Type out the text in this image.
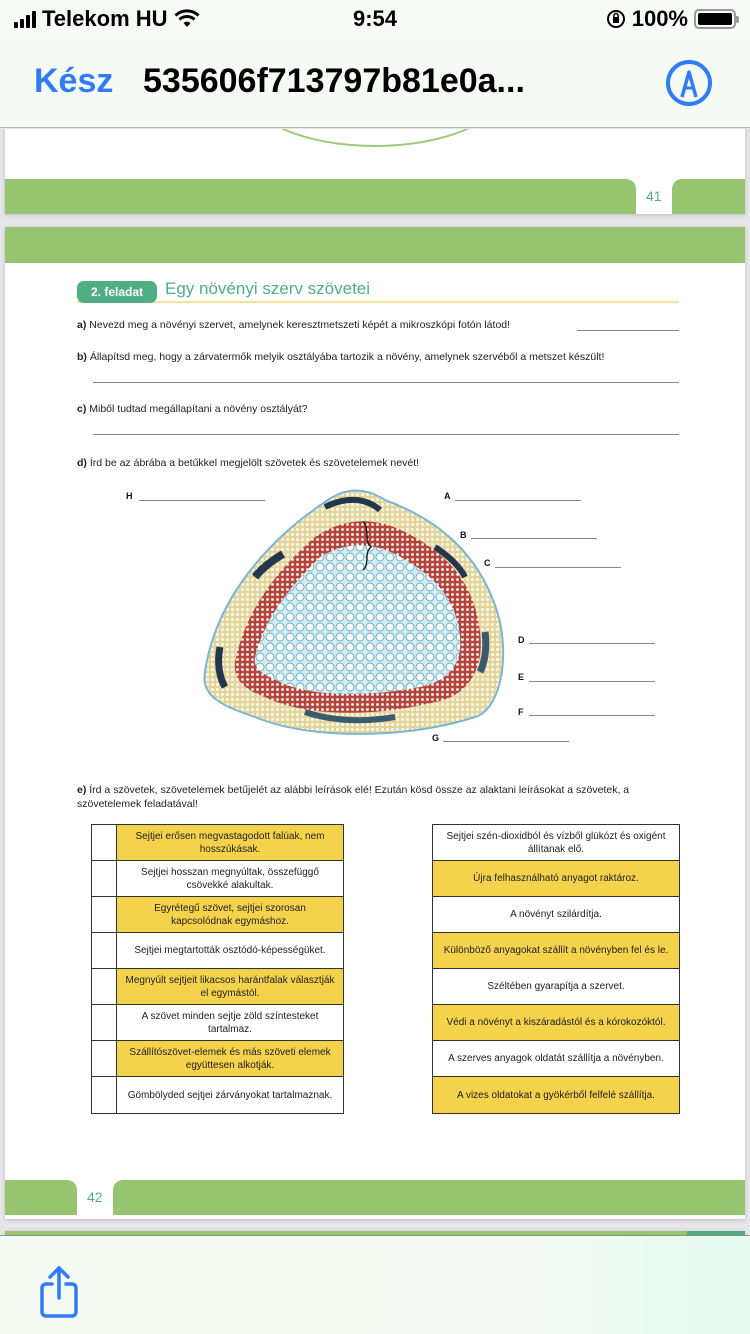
Telekom HU	9:54	100%
Kész 535606f713797b81e0a...
41
2. feladat	Egy növényi szerv szövetei
a) Nevezd meg a növényi szervet, amelynek keresztmetszeti képét a mikroszkópi fotón látod!
b) Állapítsd meg, hogy a zárvatermők melyik osztályába tartozik a növény, amelynek szervéből a metszet készült!
c) Miből tudtad megállapítani a növény osztályát?
d) Írd be az ábrába a betűkkel megjelölt szövetek és szövetelemek nevét!
H	A
B
C
D
E
F
G
e) Írd a szövetek, szövetelemek betűjelét az alábbi leírások elé! Ezután kösd össze az alaktani leírásokat a szövetek, a szövetelemek feladatával!
Sejtjei erősen megvastagodott falúak, nem hosszúkásak.
Sejtjei hosszan megnyúltak, összefüggő csövekké alakultak.
Egyrétegű szövet, sejtjei szorosan kapcsolódnak egymáshoz.
Sejtjei megtartották osztódó-képességüket.
Megnyúlt sejtjeit likacsos harántfalak választják el egymástól.
A szövet minden sejtje zöld színtesteket tartalmaz.
Szállítószövet-elemek és más szöveti elemek együttesen alkotják.
Gömbölyded sejtjei zárványokat tartalmaznak.
Sejtjei szén-dioxidból és vízből glükózt és oxigént állítanak elő.
Újra felhasználható anyagot raktároz.
A növényt szilárdítja.
Különböző anyagokat szállít a növényben fel és le.
Széltében gyarapítja a szervet.
Védi a növényt a kiszáradástól és a kórokozóktól.
A szerves anyagok oldatát szállítja a növényben.
A vizes oldatokat a gyökérből felfelé szállítja.
42
